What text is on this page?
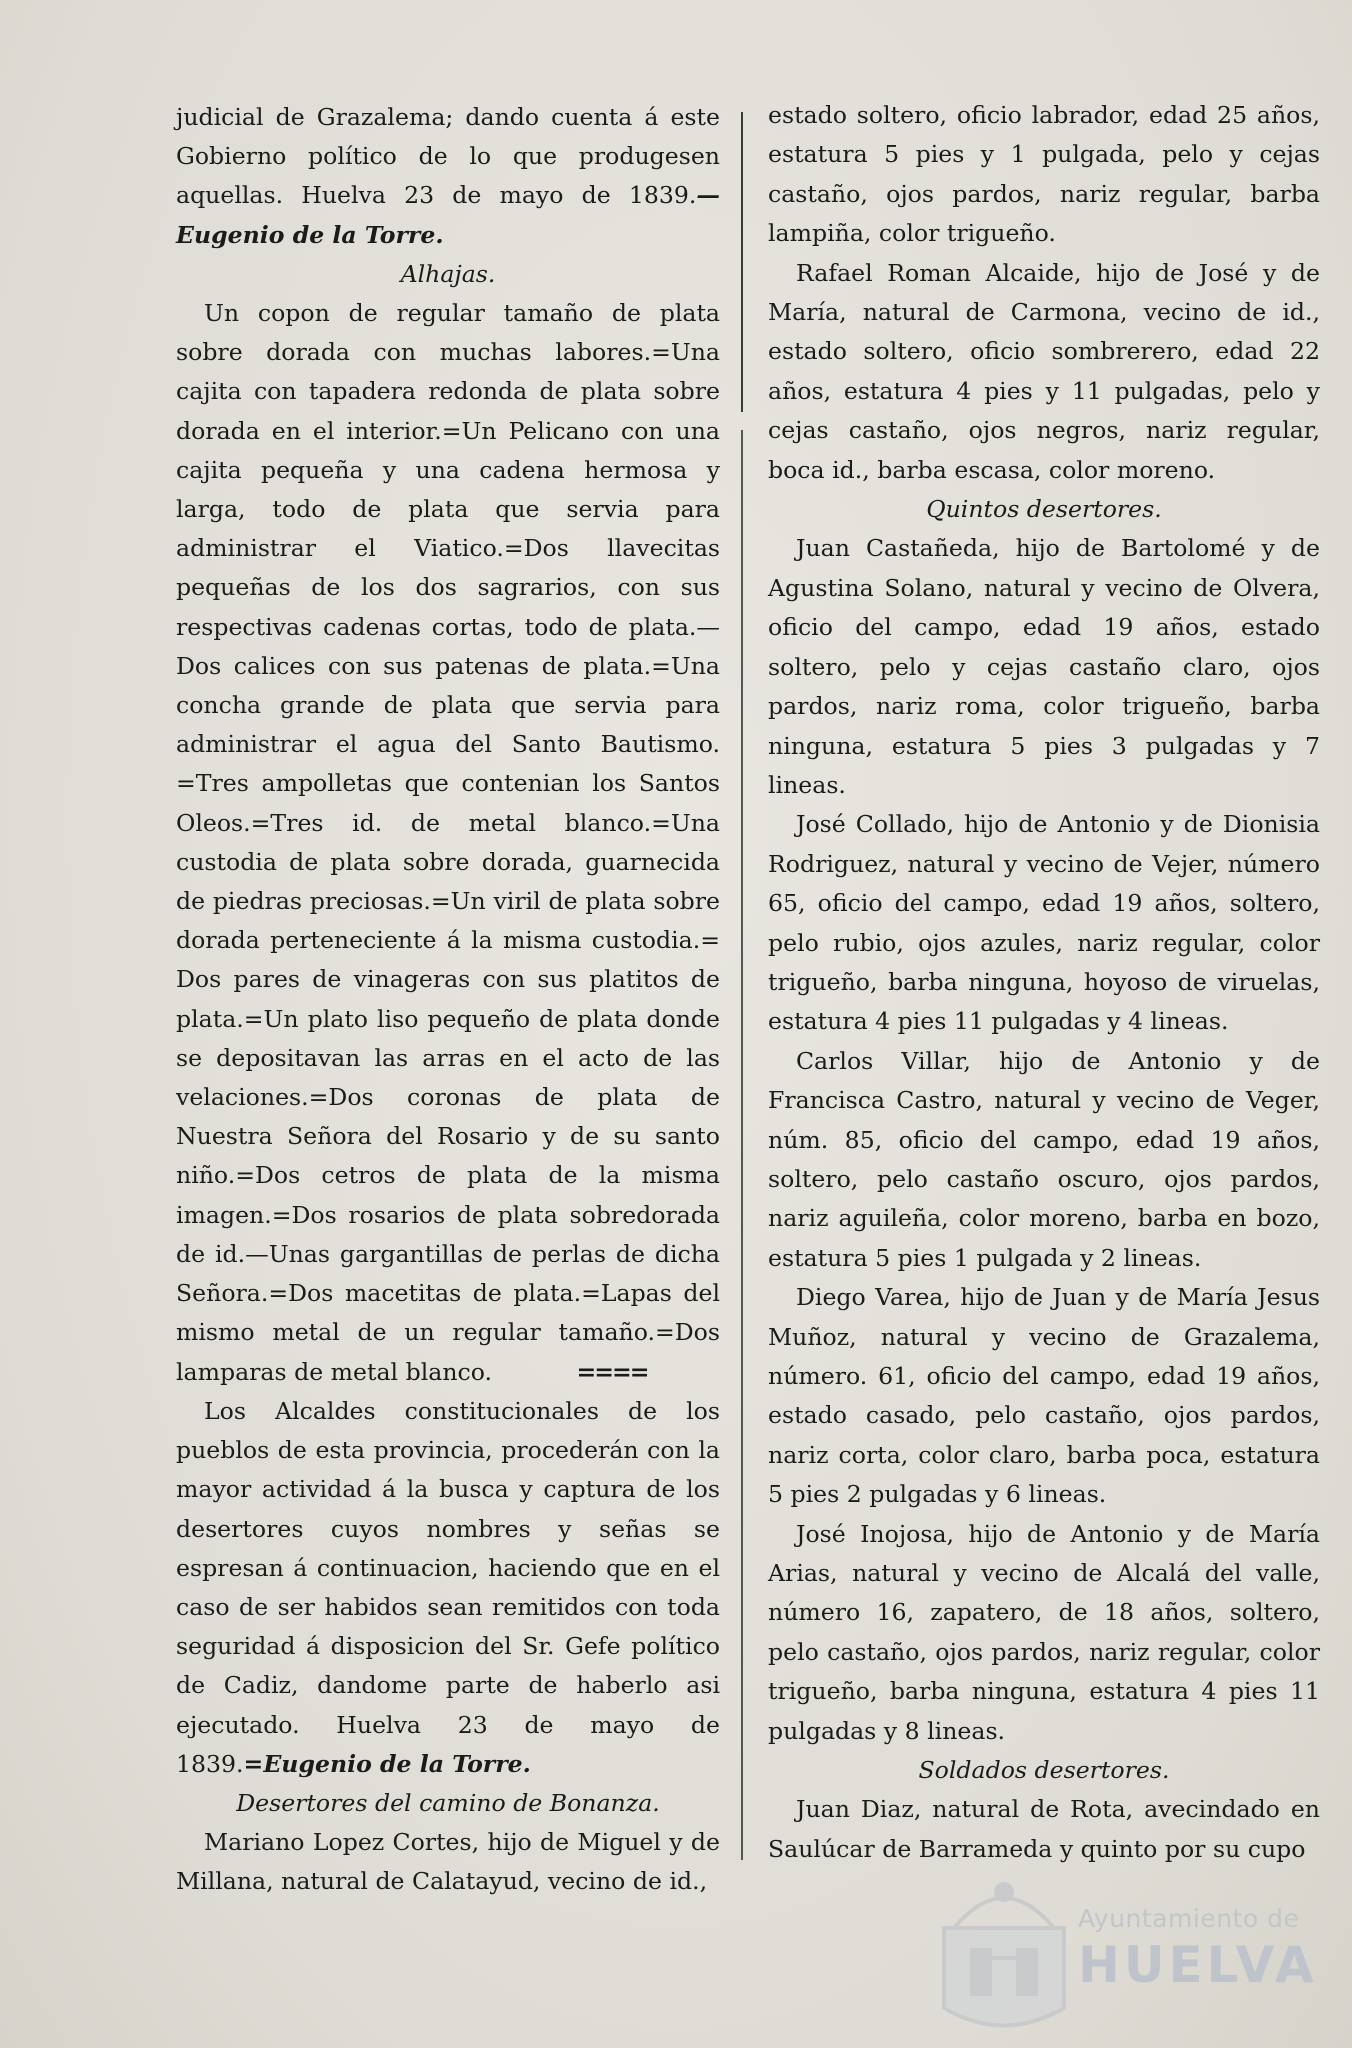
judicial de Grazalema; dando cuenta á este Gobierno político de lo que produgesen aquellas. Huelva 23 de mayo de 1839.—Eugenio de la Torre.

Alhajas.

Un copon de regular tamaño de plata sobre dorada con muchas labores.=Una cajita con tapadera redonda de plata sobre dorada en el interior.=Un Pelicano con una cajita pequeña y una cadena hermosa y larga, todo de plata que servia para administrar el Viatico.=Dos llavecitas pequeñas de los dos sagrarios, con sus respectivas cadenas cortas, todo de plata.—Dos calices con sus patenas de plata.=Una concha grande de plata que servia para administrar el agua del Santo Bautismo. =Tres ampolletas que contenian los Santos Oleos.=Tres id. de metal blanco.=Una custodia de plata sobre dorada, guarnecida de piedras preciosas.=Un viril de plata sobre dorada perteneciente á la misma custodia.= Dos pares de vinageras con sus platitos de plata.=Un plato liso pequeño de plata donde se depositavan las arras en el acto de las velaciones.=Dos coronas de plata de Nuestra Señora del Rosario y de su santo niño.=Dos cetros de plata de la misma imagen.=Dos rosarios de plata sobredorada de id.—Unas gargantillas de perlas de dicha Señora.=Dos macetitas de plata.=Lapas del mismo metal de un regular tamaño.=Dos lamparas de metal blanco.	====

Los Alcaldes constitucionales de los pueblos de esta provincia, procederán con la mayor actividad á la busca y captura de los desertores cuyos nombres y señas se espresan á continuacion, haciendo que en el caso de ser habidos sean remitidos con toda seguridad á disposicion del Sr. Gefe político de Cadiz, dandome parte de haberlo asi ejecutado. Huelva 23 de mayo de 1839.=Eugenio de la Torre.

Desertores del camino de Bonanza.

Mariano Lopez Cortes, hijo de Miguel y de Millana, natural de Calatayud, vecino de id.,

estado soltero, oficio labrador, edad 25 años, estatura 5 pies y 1 pulgada, pelo y cejas castaño, ojos pardos, nariz regular, barba lampiña, color trigueño.

Rafael Roman Alcaide, hijo de José y de María, natural de Carmona, vecino de id., estado soltero, oficio sombrerero, edad 22 años, estatura 4 pies y 11 pulgadas, pelo y cejas castaño, ojos negros, nariz regular, boca id., barba escasa, color moreno.

Quintos desertores.

Juan Castañeda, hijo de Bartolomé y de Agustina Solano, natural y vecino de Olvera, oficio del campo, edad 19 años, estado soltero, pelo y cejas castaño claro, ojos pardos, nariz roma, color trigueño, barba ninguna, estatura 5 pies 3 pulgadas y 7 lineas.

José Collado, hijo de Antonio y de Dionisia Rodriguez, natural y vecino de Vejer, número 65, oficio del campo, edad 19 años, soltero, pelo rubio, ojos azules, nariz regular, color trigueño, barba ninguna, hoyoso de viruelas, estatura 4 pies 11 pulgadas y 4 lineas.

Carlos Villar, hijo de Antonio y de Francisca Castro, natural y vecino de Veger, núm. 85, oficio del campo, edad 19 años, soltero, pelo castaño oscuro, ojos pardos, nariz aguileña, color moreno, barba en bozo, estatura 5 pies 1 pulgada y 2 lineas.

Diego Varea, hijo de Juan y de María Jesus Muñoz, natural y vecino de Grazalema, número. 61, oficio del campo, edad 19 años, estado casado, pelo castaño, ojos pardos, nariz corta, color claro, barba poca, estatura 5 pies 2 pulgadas y 6 lineas.

José Inojosa, hijo de Antonio y de María Arias, natural y vecino de Alcalá del valle, número 16, zapatero, de 18 años, soltero, pelo castaño, ojos pardos, nariz regular, color trigueño, barba ninguna, estatura 4 pies 11 pulgadas y 8 lineas.

Soldados desertores.

Juan Diaz, natural de Rota, avecindado en Saulúcar de Barrameda y quinto por su cupo

Ayuntamiento de
HUELVA
